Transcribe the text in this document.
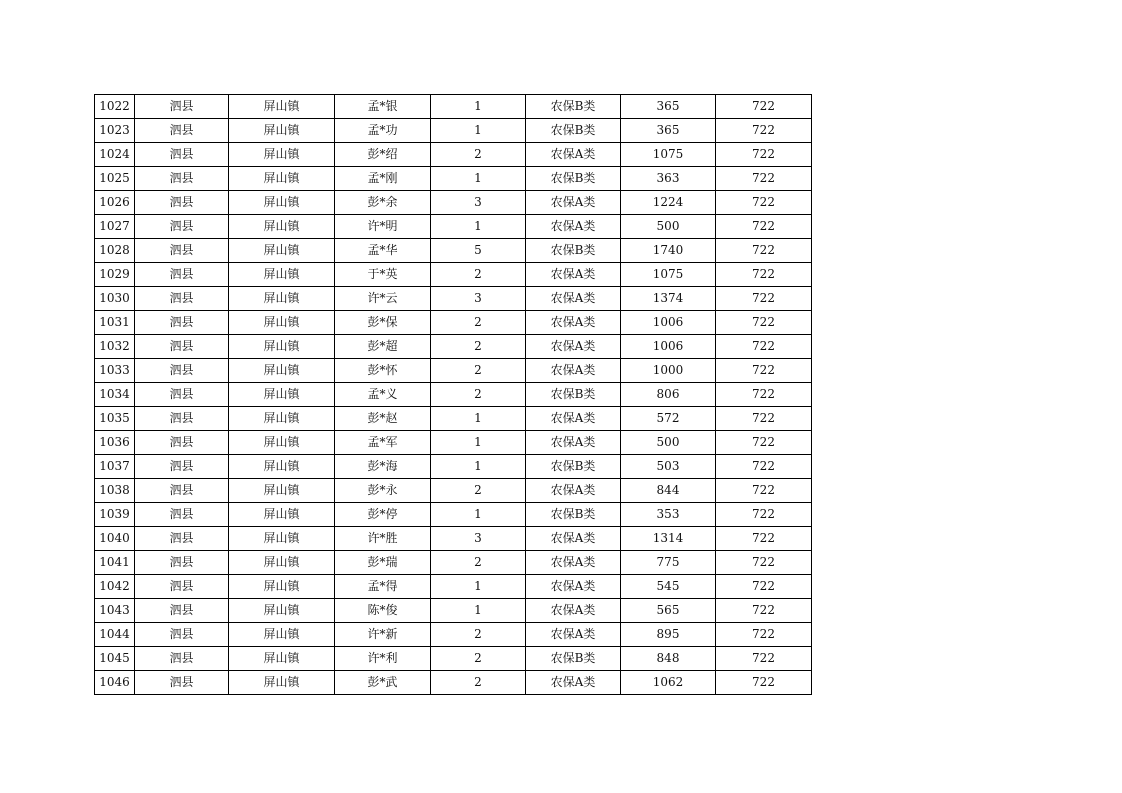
1022	泗县	屏山镇	孟*银	1	农保B类	365	722
1023	泗县	屏山镇	孟*功	1	农保B类	365	722
1024	泗县	屏山镇	彭*绍	2	农保A类	1075	722
1025	泗县	屏山镇	孟*刚	1	农保B类	363	722
1026	泗县	屏山镇	彭*余	3	农保A类	1224	722
1027	泗县	屏山镇	许*明	1	农保A类	500	722
1028	泗县	屏山镇	孟*华	5	农保B类	1740	722
1029	泗县	屏山镇	于*英	2	农保A类	1075	722
1030	泗县	屏山镇	许*云	3	农保A类	1374	722
1031	泗县	屏山镇	彭*保	2	农保A类	1006	722
1032	泗县	屏山镇	彭*超	2	农保A类	1006	722
1033	泗县	屏山镇	彭*怀	2	农保A类	1000	722
1034	泗县	屏山镇	孟*义	2	农保B类	806	722
1035	泗县	屏山镇	彭*赵	1	农保A类	572	722
1036	泗县	屏山镇	孟*军	1	农保A类	500	722
1037	泗县	屏山镇	彭*海	1	农保B类	503	722
1038	泗县	屏山镇	彭*永	2	农保A类	844	722
1039	泗县	屏山镇	彭*停	1	农保B类	353	722
1040	泗县	屏山镇	许*胜	3	农保A类	1314	722
1041	泗县	屏山镇	彭*瑞	2	农保A类	775	722
1042	泗县	屏山镇	孟*得	1	农保A类	545	722
1043	泗县	屏山镇	陈*俊	1	农保A类	565	722
1044	泗县	屏山镇	许*新	2	农保A类	895	722
1045	泗县	屏山镇	许*利	2	农保B类	848	722
1046	泗县	屏山镇	彭*武	2	农保A类	1062	722
